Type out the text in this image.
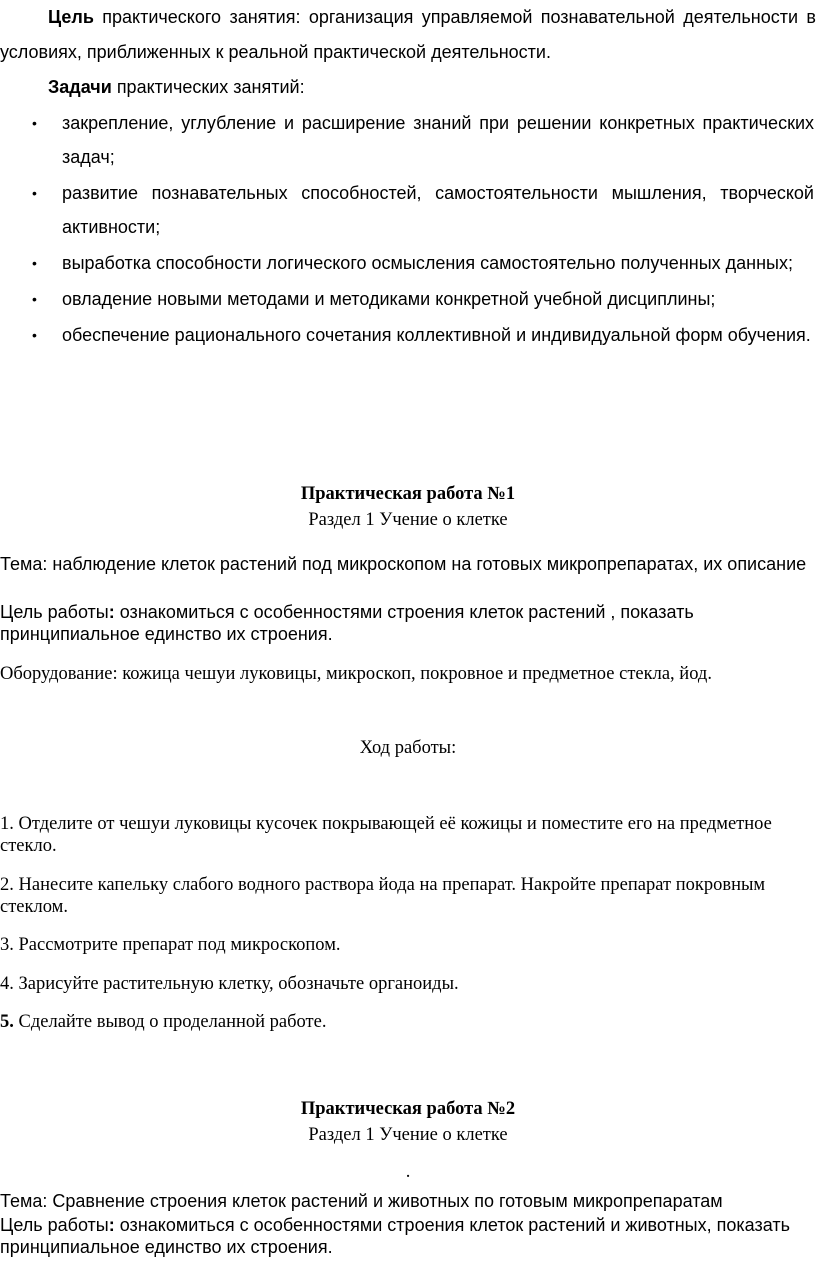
Цель практического занятия: организация управляемой познавательной деятельности в условиях, приближенных к реальной практической деятельности.

Задачи практических занятий:

• закрепление, углубление и расширение знаний при решении конкретных практических задач;
• развитие познавательных способностей, самостоятельности мышления, творческой активности;
• выработка способности логического осмысления самостоятельно полученных данных;
• овладение новыми методами и методиками конкретной учебной дисциплины;
• обеспечение рационального сочетания коллективной и индивидуальной форм обучения.
Практическая работа №1
Раздел 1 Учение о клетке

Тема: наблюдение клеток растений под микроскопом на готовых микропрепаратах, их описание

Цель работы: ознакомиться с особенностями строения клеток растений , показать принципиальное единство их строения.

Оборудование: кожица чешуи луковицы, микроскоп, покровное и предметное стекла, йод.

Ход работы:

1. Отделите от чешуи луковицы кусочек покрывающей её кожицы и поместите его на предметное стекло.

2. Нанесите капельку слабого водного раствора йода на препарат. Накройте препарат покровным стеклом.

3. Рассмотрите препарат под микроскопом.

4. Зарисуйте растительную клетку, обозначьте органоиды.

5. Сделайте вывод о проделанной работе.

Практическая работа №2
Раздел 1 Учение о клетке
.

Тема: Сравнение строения клеток растений и животных по готовым микропрепаратам

Цель работы: ознакомиться с особенностями строения клеток растений и животных, показать принципиальное единство их строения.
